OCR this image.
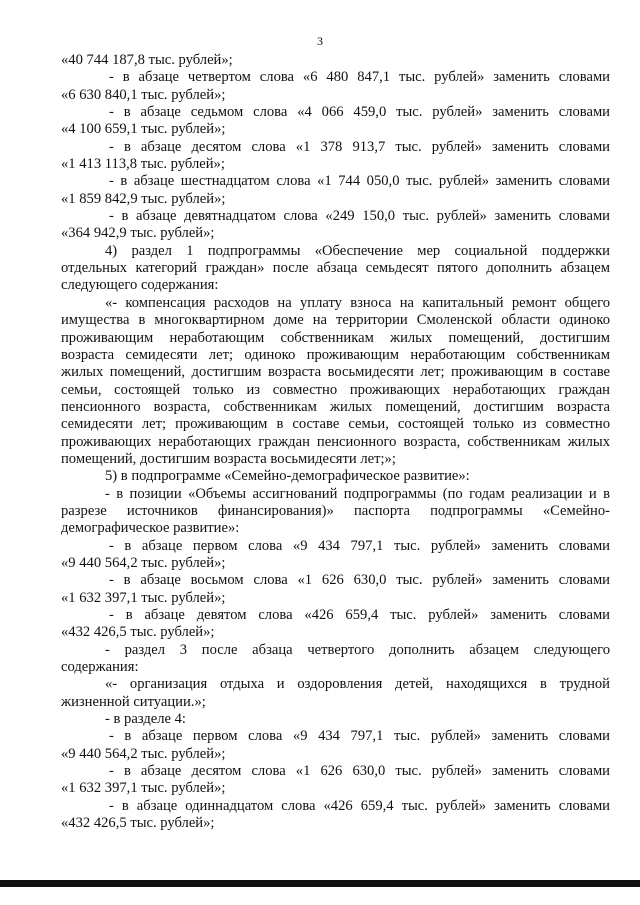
3
«40 744 187,8 тыс. рублей»;
- в абзаце четвертом слова «6 480 847,1 тыс. рублей» заменить словами
«6 630 840,1 тыс. рублей»;
- в абзаце седьмом слова «4 066 459,0 тыс. рублей» заменить словами
«4 100 659,1 тыс. рублей»;
- в абзаце десятом слова «1 378 913,7 тыс. рублей» заменить словами
«1 413 113,8 тыс. рублей»;
- в абзаце шестнадцатом слова «1 744 050,0 тыс. рублей» заменить словами
«1 859 842,9 тыс. рублей»;
- в абзаце девятнадцатом слова «249 150,0 тыс. рублей» заменить словами
«364 942,9 тыс. рублей»;
4) раздел 1 подпрограммы «Обеспечение мер социальной поддержки
отдельных категорий граждан» после абзаца семьдесят пятого дополнить абзацем
следующего содержания:
«- компенсация расходов на уплату взноса на капитальный ремонт общего
имущества в многоквартирном доме на территории Смоленской области одиноко
проживающим неработающим собственникам жилых помещений, достигшим
возраста семидесяти лет; одиноко проживающим неработающим собственникам
жилых помещений, достигшим возраста восьмидесяти лет; проживающим в составе
семьи, состоящей только из совместно проживающих неработающих граждан
пенсионного возраста, собственникам жилых помещений, достигшим возраста
семидесяти лет; проживающим в составе семьи, состоящей только из совместно
проживающих неработающих граждан пенсионного возраста, собственникам жилых
помещений, достигшим возраста восьмидесяти лет;»;
5) в подпрограмме «Семейно-демографическое развитие»:
- в позиции «Объемы ассигнований подпрограммы (по годам реализации и в
разрезе источников финансирования)» паспорта подпрограммы «Семейно-
демографическое развитие»:
- в абзаце первом слова «9 434 797,1 тыс. рублей» заменить словами
«9 440 564,2 тыс. рублей»;
- в абзаце восьмом слова «1 626 630,0 тыс. рублей» заменить словами
«1 632 397,1 тыс. рублей»;
- в абзаце девятом слова «426 659,4 тыс. рублей» заменить словами
«432 426,5 тыс. рублей»;
- раздел 3 после абзаца четвертого дополнить абзацем следующего
содержания:
«- организация отдыха и оздоровления детей, находящихся в трудной
жизненной ситуации.»;
- в разделе 4:
- в абзаце первом слова «9 434 797,1 тыс. рублей» заменить словами
«9 440 564,2 тыс. рублей»;
- в абзаце десятом слова «1 626 630,0 тыс. рублей» заменить словами
«1 632 397,1 тыс. рублей»;
- в абзаце одиннадцатом слова «426 659,4 тыс. рублей» заменить словами
«432 426,5 тыс. рублей»;
